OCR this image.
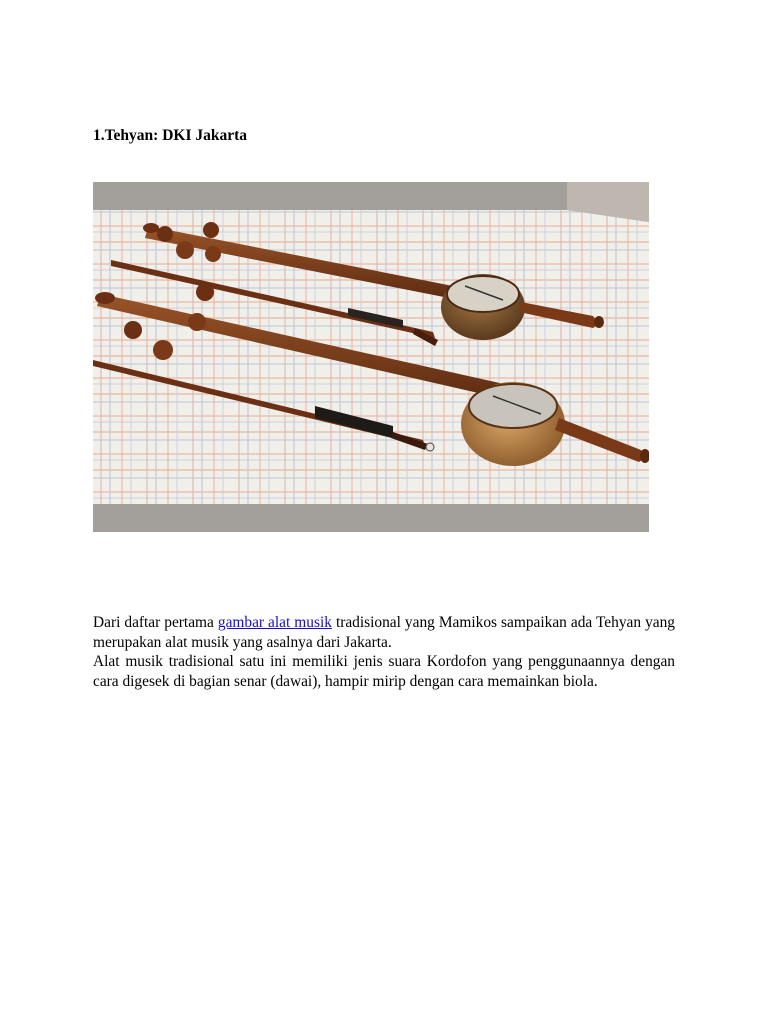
1.Tehyan: DKI Jakarta

Dari daftar pertama gambar alat musik tradisional yang Mamikos sampaikan ada Tehyan yang merupakan alat musik yang asalnya dari Jakarta.

Alat musik tradisional satu ini memiliki jenis suara Kordofon yang penggunaannya dengan cara digesek di bagian senar (dawai), hampir mirip dengan cara memainkan biola.
